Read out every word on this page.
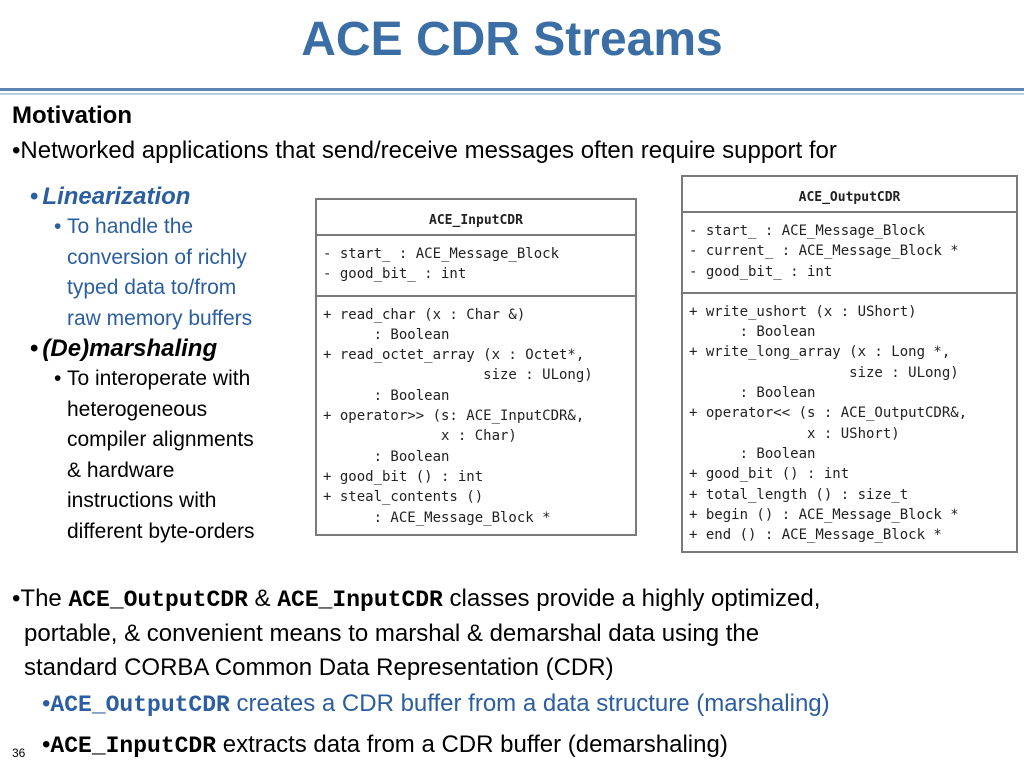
ACE CDR Streams
Motivation
•Networked applications that send/receive messages often require support for
• Linearization
• To handle the
conversion of richly
typed data to/from
raw memory buffers
• (De)marshaling
• To interoperate with
heterogeneous
compiler alignments
& hardware
instructions with
different byte-orders
ACE_InputCDR
- start_ : ACE_Message_Block
- good_bit_ : int
+ read_char (x : Char &)
: Boolean
+ read_octet_array (x : Octet*,
size : ULong)
: Boolean
+ operator>> (s: ACE_InputCDR&,
x : Char)
: Boolean
+ good_bit () : int
+ steal_contents ()
: ACE_Message_Block *
ACE_OutputCDR
- start_ : ACE_Message_Block
- current_ : ACE_Message_Block *
- good_bit_ : int
+ write_ushort (x : UShort)
: Boolean
+ write_long_array (x : Long *,
size : ULong)
: Boolean
+ operator<< (s : ACE_OutputCDR&,
x : UShort)
: Boolean
+ good_bit () : int
+ total_length () : size_t
+ begin () : ACE_Message_Block *
+ end () : ACE_Message_Block *
•The ACE_OutputCDR & ACE_InputCDR classes provide a highly optimized,
portable, & convenient means to marshal & demarshal data using the
standard CORBA Common Data Representation (CDR)
•ACE_OutputCDR creates a CDR buffer from a data structure (marshaling)
•ACE_InputCDR extracts data from a CDR buffer (demarshaling)
36
